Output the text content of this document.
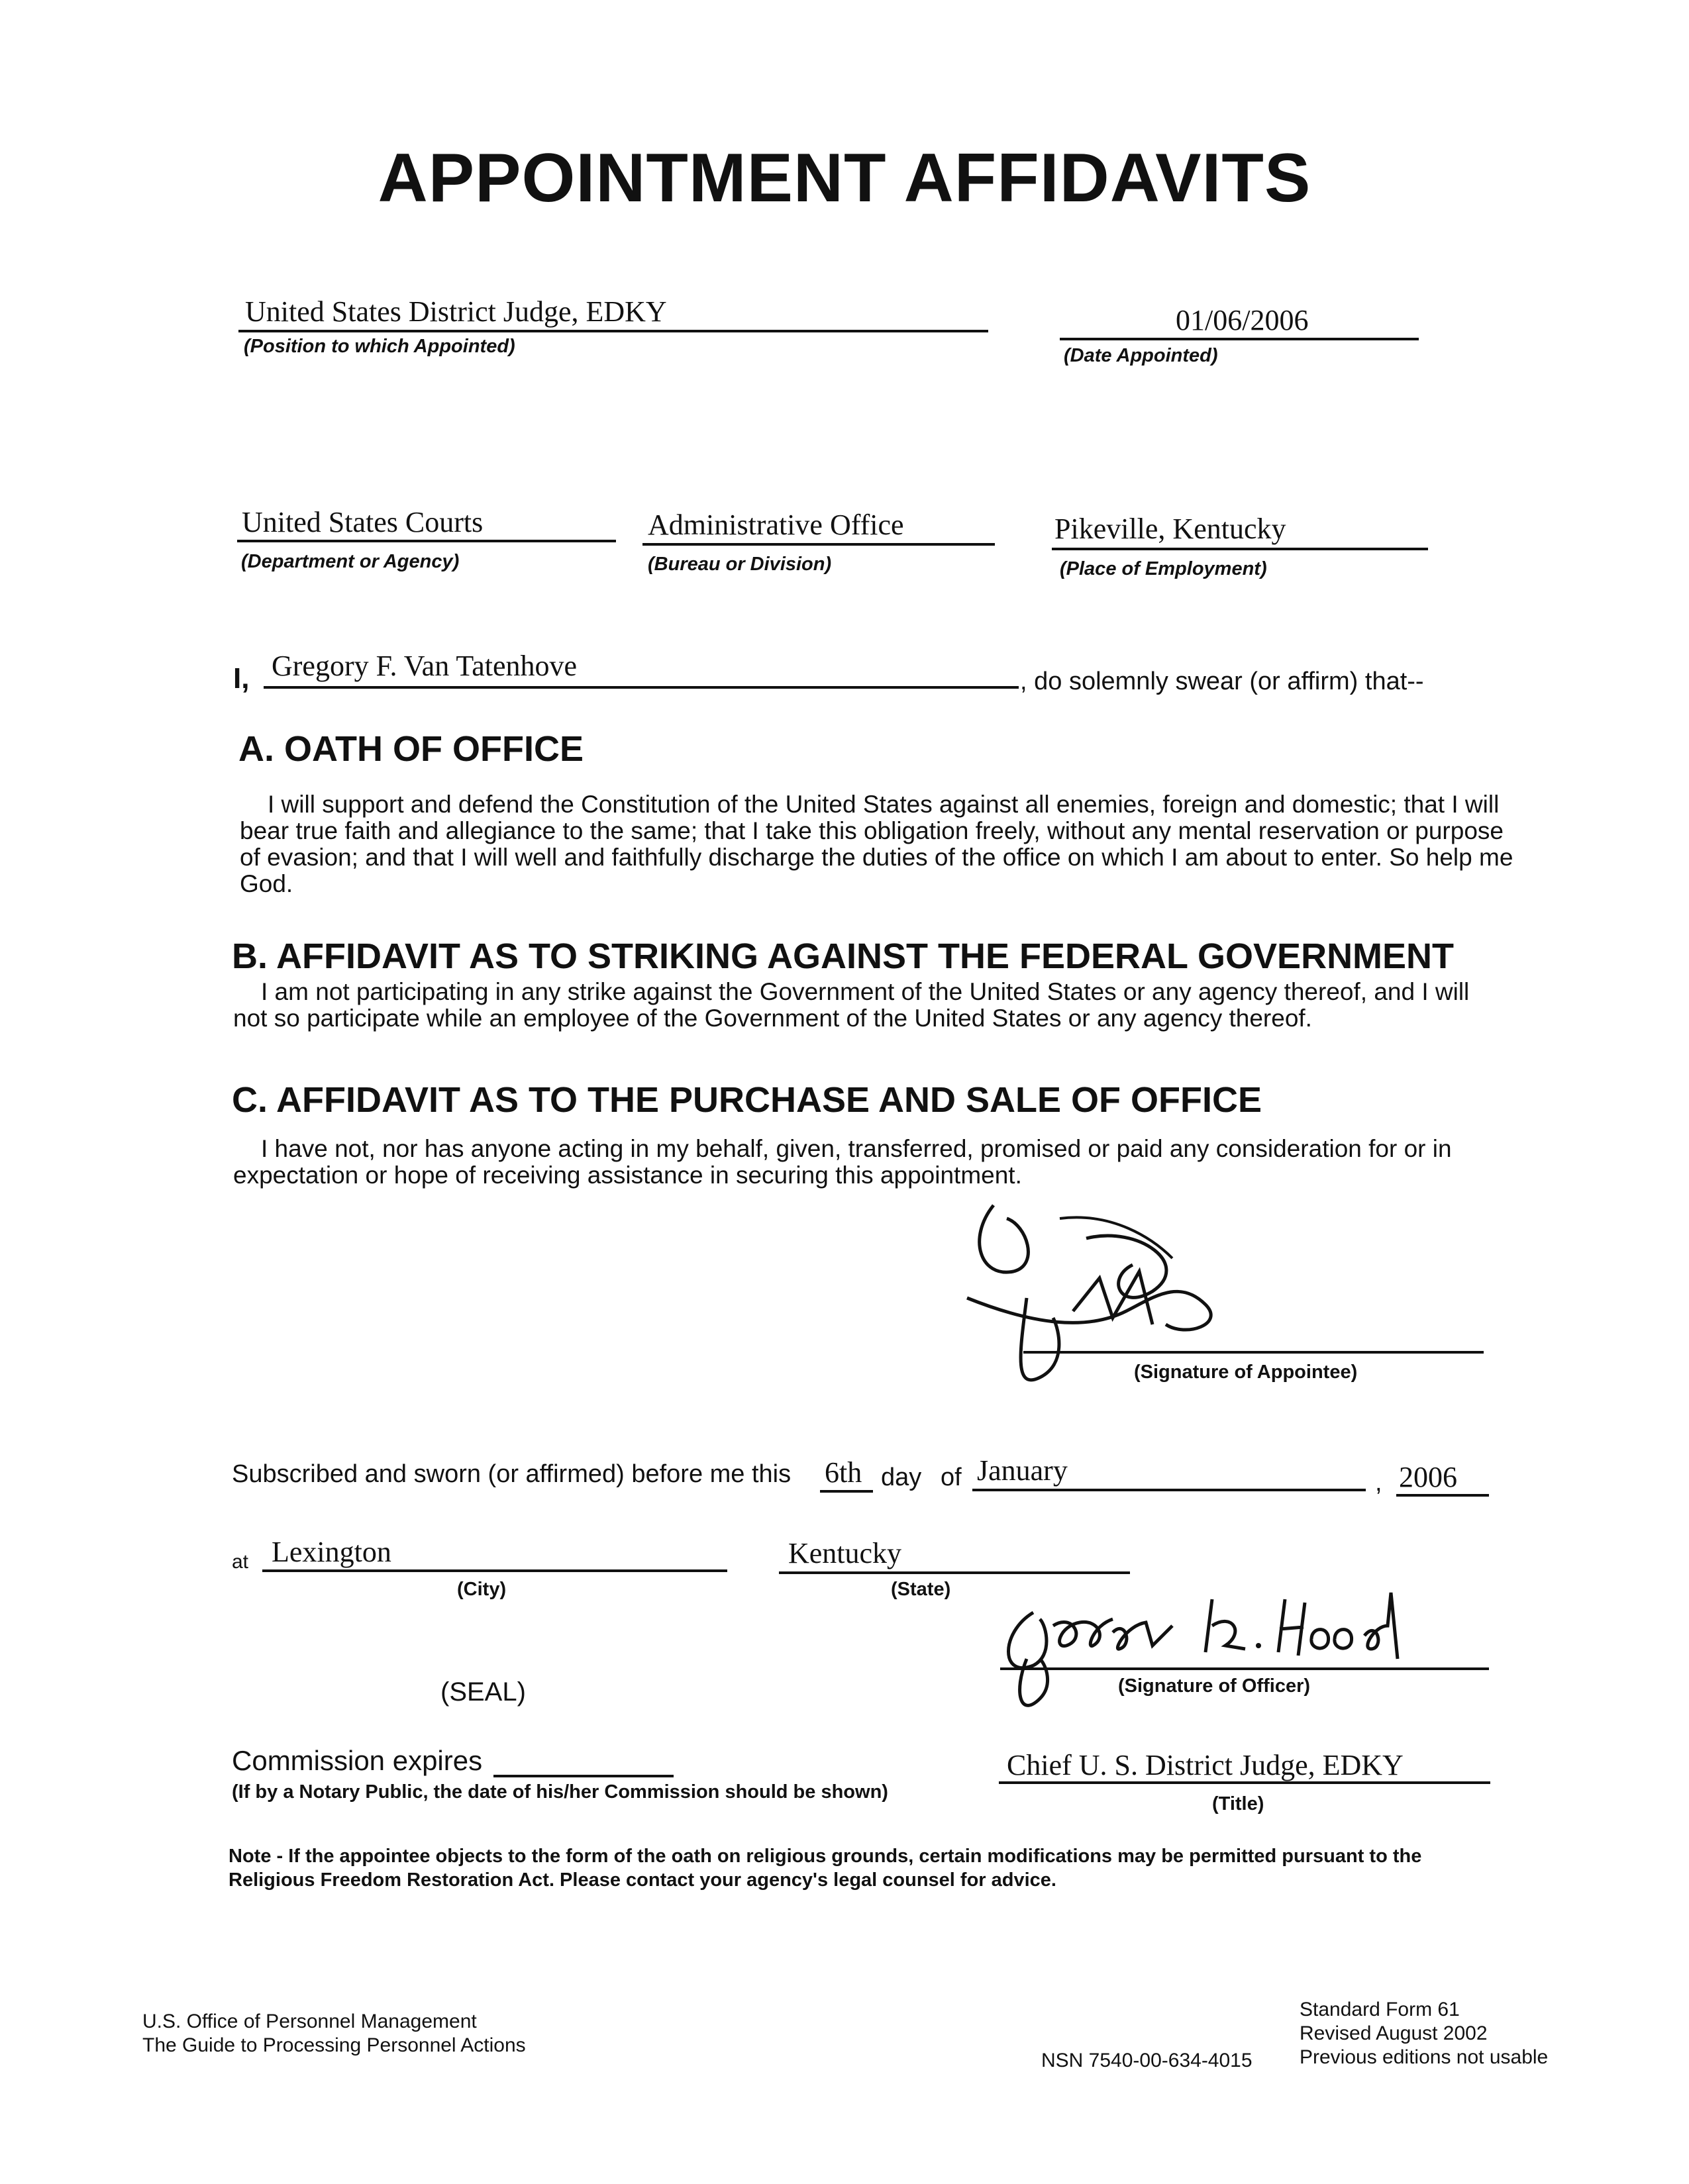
APPOINTMENT AFFIDAVITS
United States District Judge, EDKY
(Position to which Appointed)
01/06/2006
(Date Appointed)
United States Courts
(Department or Agency)
Administrative Office
(Bureau or Division)
Pikeville, Kentucky
(Place of Employment)
I, Gregory F. Van Tatenhove	, do solemnly swear (or affirm) that--
A. OATH OF OFFICE
I will support and defend the Constitution of the United States against all enemies, foreign and domestic; that I will bear true faith and allegiance to the same; that I take this obligation freely, without any mental reservation or purpose of evasion; and that I will well and faithfully discharge the duties of the office on which I am about to enter. So help me God.
B. AFFIDAVIT AS TO STRIKING AGAINST THE FEDERAL GOVERNMENT
I am not participating in any strike against the Government of the United States or any agency thereof, and I will not so participate while an employee of the Government of the United States or any agency thereof.
C. AFFIDAVIT AS TO THE PURCHASE AND SALE OF OFFICE
I have not, nor has anyone acting in my behalf, given, transferred, promised or paid any consideration for or in expectation or hope of receiving assistance in securing this appointment.
(Signature of Appointee)
Subscribed and sworn (or affirmed) before me this 6th day of January	, 2006
at Lexington
(City)
Kentucky
(State)
(Signature of Officer)
(SEAL)
Commission expires
(If by a Notary Public, the date of his/her Commission should be shown)
Chief U. S. District Judge, EDKY
(Title)
Note - If the appointee objects to the form of the oath on religious grounds, certain modifications may be permitted pursuant to the Religious Freedom Restoration Act. Please contact your agency's legal counsel for advice.
U.S. Office of Personnel Management
The Guide to Processing Personnel Actions
NSN 7540-00-634-4015
Standard Form 61
Revised August 2002
Previous editions not usable
